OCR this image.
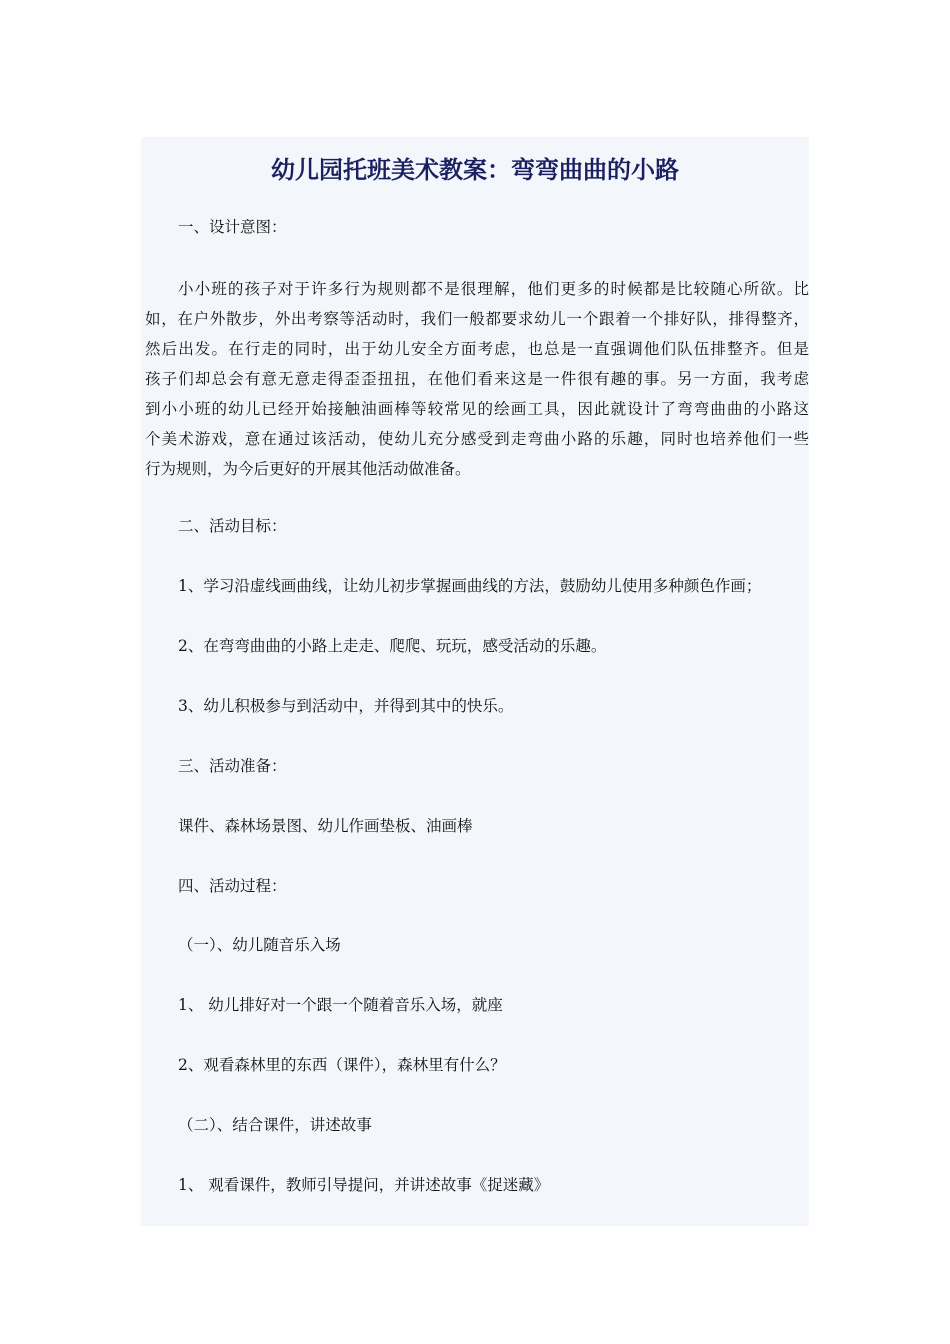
幼儿园托班美术教案：弯弯曲曲的小路

一、设计意图：

小小班的孩子对于许多行为规则都不是很理解，他们更多的时候都是比较随心所欲。比
如，在户外散步，外出考察等活动时，我们一般都要求幼儿一个跟着一个排好队，排得整齐，
然后出发。在行走的同时，出于幼儿安全方面考虑，也总是一直强调他们队伍排整齐。但是
孩子们却总会有意无意走得歪歪扭扭，在他们看来这是一件很有趣的事。另一方面，我考虑
到小小班的幼儿已经开始接触油画棒等较常见的绘画工具，因此就设计了弯弯曲曲的小路这
个美术游戏，意在通过该活动，使幼儿充分感受到走弯曲小路的乐趣，同时也培养他们一些
行为规则，为今后更好的开展其他活动做准备。

二、活动目标：

1、学习沿虚线画曲线，让幼儿初步掌握画曲线的方法，鼓励幼儿使用多种颜色作画；

2、在弯弯曲曲的小路上走走、爬爬、玩玩，感受活动的乐趣。

3、幼儿积极参与到活动中，并得到其中的快乐。

三、活动准备：

课件、森林场景图、幼儿作画垫板、油画棒

四、活动过程：

（一）、幼儿随音乐入场

1、 幼儿排好对一个跟一个随着音乐入场，就座

2、观看森林里的东西（课件），森林里有什么？

（二）、结合课件，讲述故事

1、 观看课件，教师引导提问，并讲述故事《捉迷藏》
